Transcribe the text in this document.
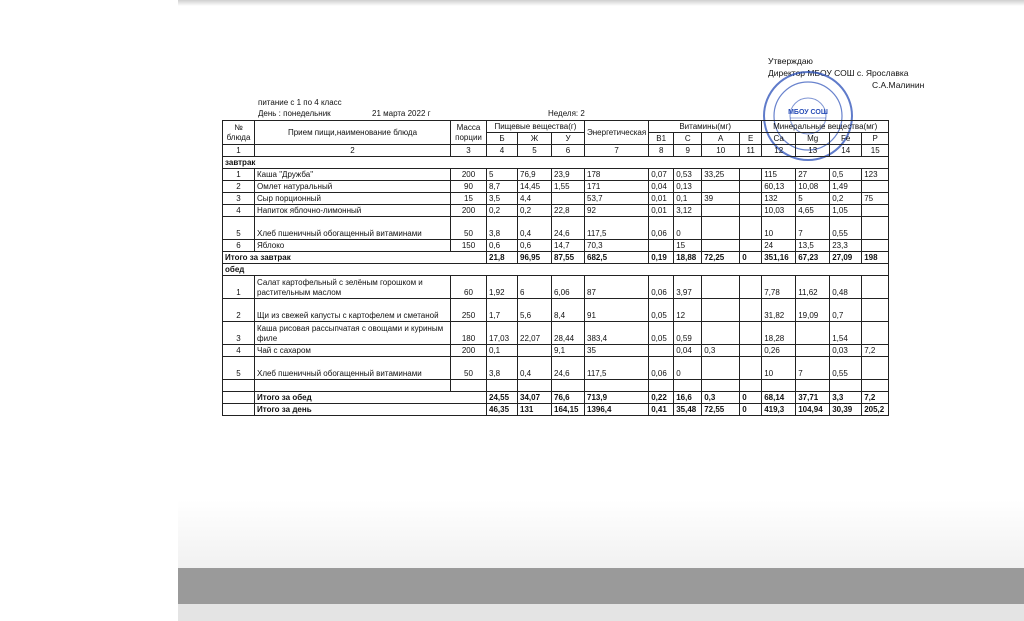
Утверждаю
Директор МБОУ СОШ с. Ярославка
С.А.Малинин
МБОУ СОШ
питание с 1 по 4 класс
День : понедельник	21 марта 2022 г	Неделя: 2
№ блюда	Прием пищи,наименование блюда	Масса порции	Пищевые вещества(г)			Энергетическая	Витамины(мг)				Минеральные вещества(мг)			
			Б	Ж	У		В1	С	А	Е	Са	Мg	Fe	Р
1	2	3	4	5	6	7	8	9	10	11	12	13	14	15
завтрак														
1	Каша "Дружба"	200	5	76,9	23,9	178	0,07	0,53	33,25		115	27	0,5	123
2	Омлет натуральный	90	8,7	14,45	1,55	171	0,04	0,13			60,13	10,08	1,49	
3	Сыр порционный	15	3,5	4,4		53,7	0,01	0,1	39		132	5	0,2	75
4	Напиток яблочно-лимонный	200	0,2	0,2	22,8	92	0,01	3,12			10,03	4,65	1,05	
5	Хлеб пшеничный обогащенный витаминами	50	3,8	0,4	24,6	117,5	0,06	0			10	7	0,55	
6	Яблоко	150	0,6	0,6	14,7	70,3		15			24	13,5	23,3	
Итого за завтрак			21,8	96,95	87,55	682,5	0,19	18,88	72,25	0	351,16	67,23	27,09	198
обед														
1	Салат картофельный с зелёным горошком и растительным маслом	60	1,92	6	6,06	87	0,06	3,97			7,78	11,62	0,48	
2	Щи из свежей капусты с картофелем и сметаной	250	1,7	5,6	8,4	91	0,05	12			31,82	19,09	0,7	
3	Каша рисовая рассыпчатая с овощами и куриным филе	180	17,03	22,07	28,44	383,4	0,05	0,59			18,28		1,54	
4	Чай с сахаром	200	0,1		9,1	35		0,04	0,3		0,26		0,03	7,2
5	Хлеб пшеничный обогащенный витаминами	50	3,8	0,4	24,6	117,5	0,06	0			10	7	0,55	

	Итого за обед		24,55	34,07	76,6	713,9	0,22	16,6	0,3	0	68,14	37,71	3,3	7,2
	Итого за день		46,35	131	164,15	1396,4	0,41	35,48	72,55	0	419,3	104,94	30,39	205,2
